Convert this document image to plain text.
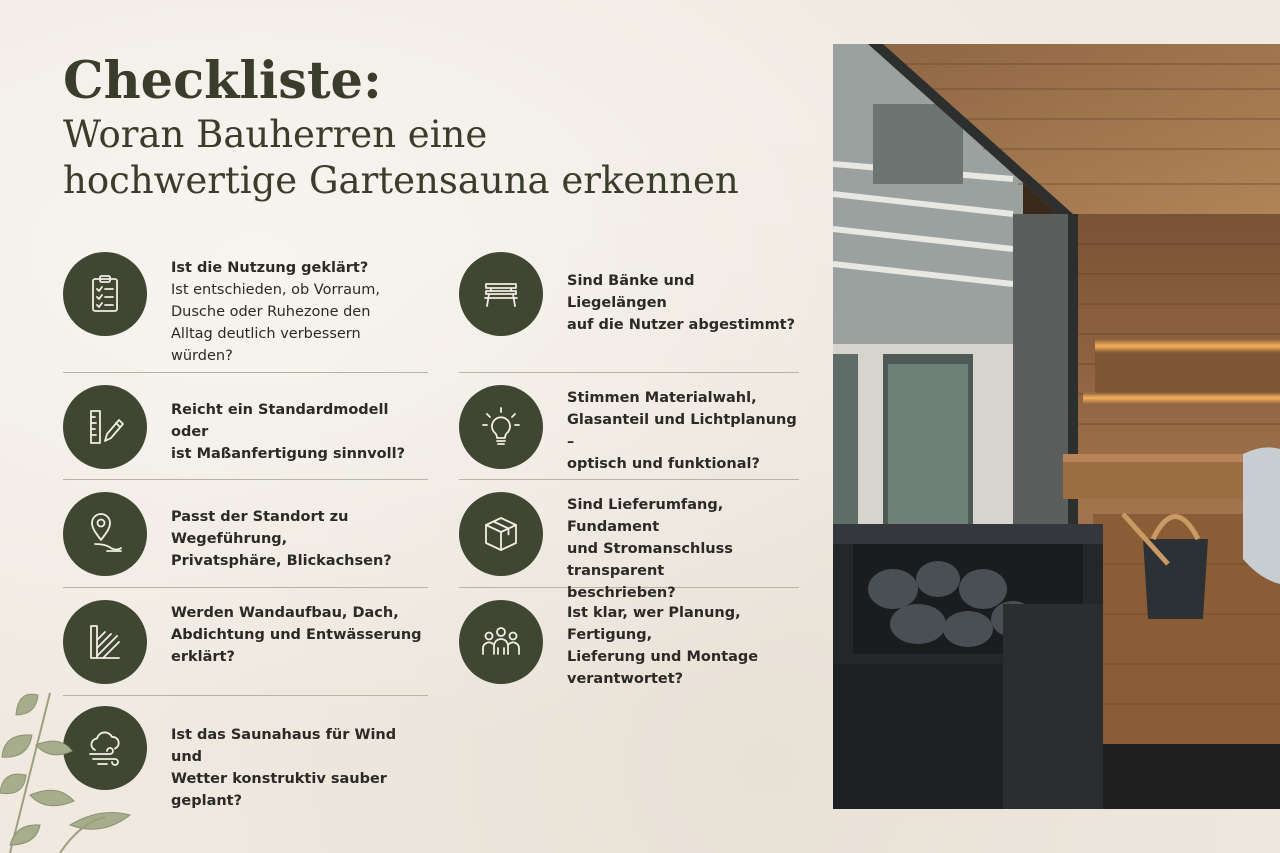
Checkliste:
Woran Bauherren eine
hochwertige Gartensauna erkennen
Ist die Nutzung geklärt?
Ist entschieden, ob Vorraum,
Dusche oder Ruhezone den
Alltag deutlich verbessern
würden?
Reicht ein Standardmodell oder
ist Maßanfertigung sinnvoll?
Passt der Standort zu Wegeführung,
Privatsphäre, Blickachsen?
Werden Wandaufbau, Dach,
Abdichtung und Entwässerung
erklärt?
Ist das Saunahaus für Wind und
Wetter konstruktiv sauber geplant?
Sind Bänke und Liegelängen
auf die Nutzer abgestimmt?
Stimmen Materialwahl,
Glasanteil und Lichtplanung –
optisch und funktional?
Sind Lieferumfang, Fundament
und Stromanschluss transparent
beschrieben?
Ist klar, wer Planung, Fertigung,
Lieferung und Montage
verantwortet?
